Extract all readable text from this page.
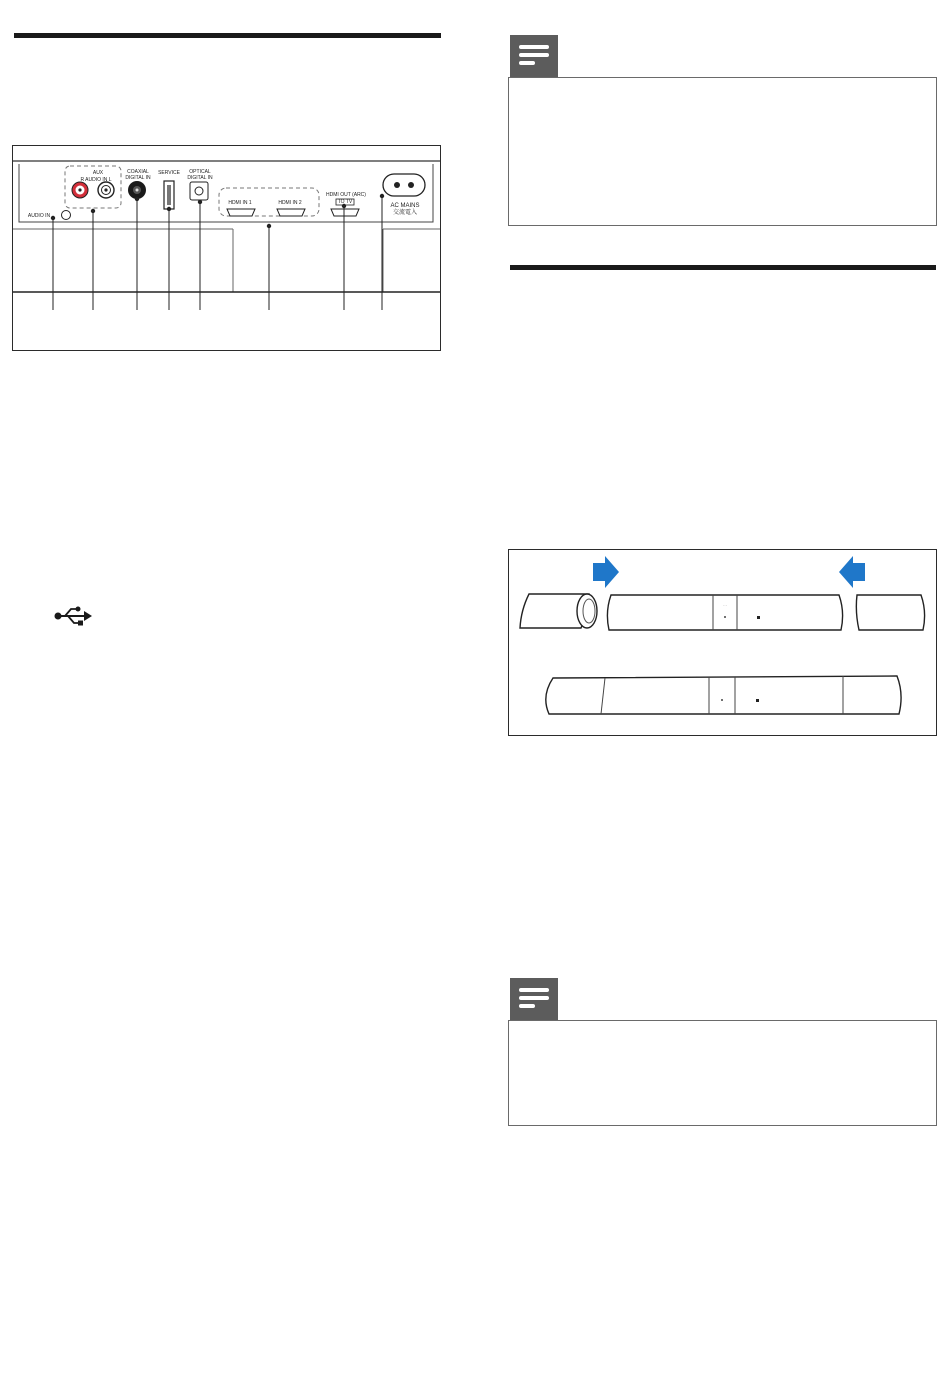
AUX
R AUDIO IN L
COAXIAL
DIGITAL IN
SERVICE	OPTICAL
DIGITAL IN
HDMI IN 1	HDMI IN 2
HDMI OUT (ARC)
TO TV
AC MAINS
交流電入
AUDIO IN
· ·
